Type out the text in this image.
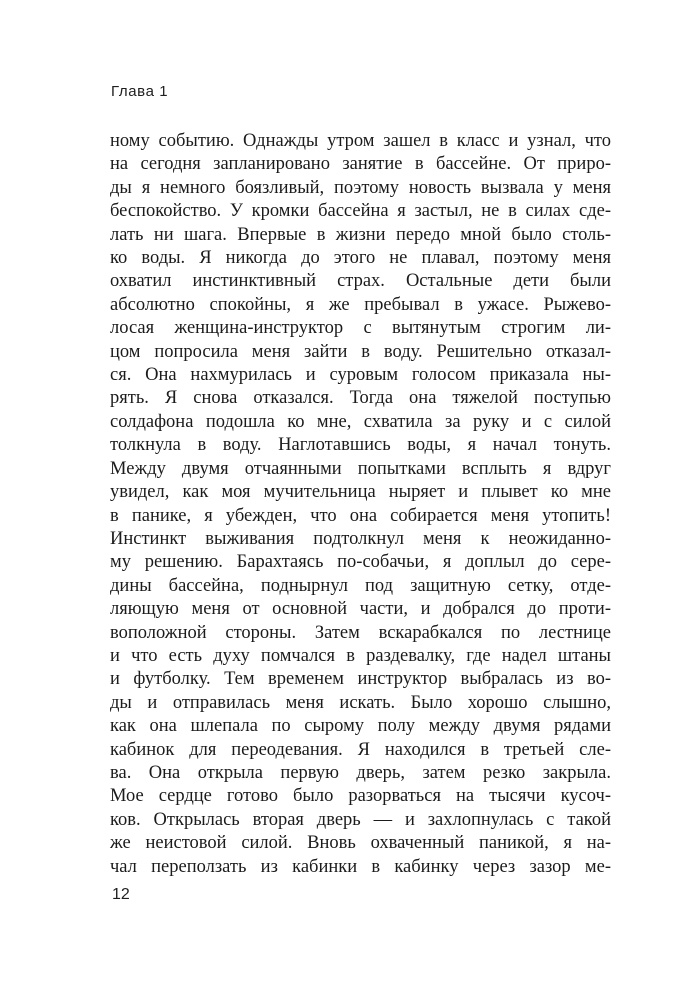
Глава 1
ному событию. Однажды утром зашел в класс и узнал, что
на сегодня запланировано занятие в бассейне. От приро-
ды я немного боязливый, поэтому новость вызвала у меня
беспокойство. У кромки бассейна я застыл, не в силах сде-
лать ни шага. Впервые в жизни передо мной было столь-
ко воды. Я никогда до этого не плавал, поэтому меня
охватил инстинктивный страх. Остальные дети были
абсолютно спокойны, я же пребывал в ужасе. Рыжево-
лосая женщина-инструктор с вытянутым строгим ли-
цом попросила меня зайти в воду. Решительно отказал-
ся. Она нахмурилась и суровым голосом приказала ны-
рять. Я снова отказался. Тогда она тяжелой поступью
солдафона подошла ко мне, схватила за руку и с силой
толкнула в воду. Наглотавшись воды, я начал тонуть.
Между двумя отчаянными попытками всплыть я вдруг
увидел, как моя мучительница ныряет и плывет ко мне
в панике, я убежден, что она собирается меня утопить!
Инстинкт выживания подтолкнул меня к неожиданно-
му решению. Барахтаясь по-собачьи, я доплыл до сере-
дины бассейна, поднырнул под защитную сетку, отде-
ляющую меня от основной части, и добрался до проти-
воположной стороны. Затем вскарабкался по лестнице
и что есть духу помчался в раздевалку, где надел штаны
и футболку. Тем временем инструктор выбралась из во-
ды и отправилась меня искать. Было хорошо слышно,
как она шлепала по сырому полу между двумя рядами
кабинок для переодевания. Я находился в третьей сле-
ва. Она открыла первую дверь, затем резко закрыла.
Мое сердце готово было разорваться на тысячи кусоч-
ков. Открылась вторая дверь — и захлопнулась с такой
же неистовой силой. Вновь охваченный паникой, я на-
чал переползать из кабинки в кабинку через зазор ме-
12
